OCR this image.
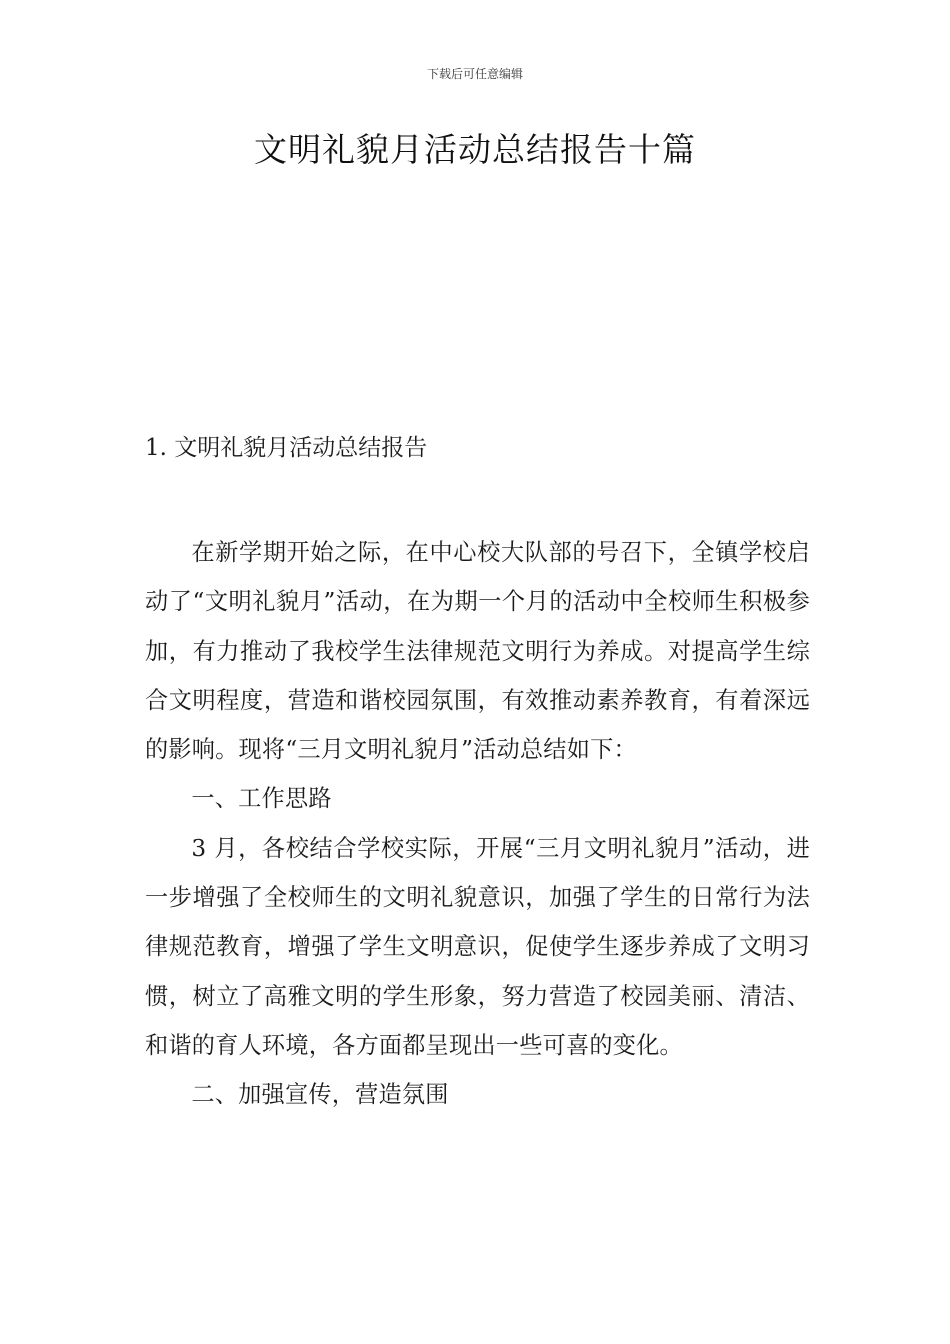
下载后可任意编辑
文明礼貌月活动总结报告十篇
1. 文明礼貌月活动总结报告

在新学期开始之际，在中心校大队部的号召下，全镇学校启动了“文明礼貌月”活动，在为期一个月的活动中全校师生积极参加，有力推动了我校学生法律规范文明行为养成。对提高学生综合文明程度，营造和谐校园氛围，有效推动素养教育，有着深远的影响。现将“三月文明礼貌月”活动总结如下：

一、工作思路

3 月，各校结合学校实际，开展“三月文明礼貌月”活动，进一步增强了全校师生的文明礼貌意识，加强了学生的日常行为法律规范教育，增强了学生文明意识，促使学生逐步养成了文明习惯，树立了高雅文明的学生形象，努力营造了校园美丽、清洁、和谐的育人环境，各方面都呈现出一些可喜的变化。

二、加强宣传，营造氛围
